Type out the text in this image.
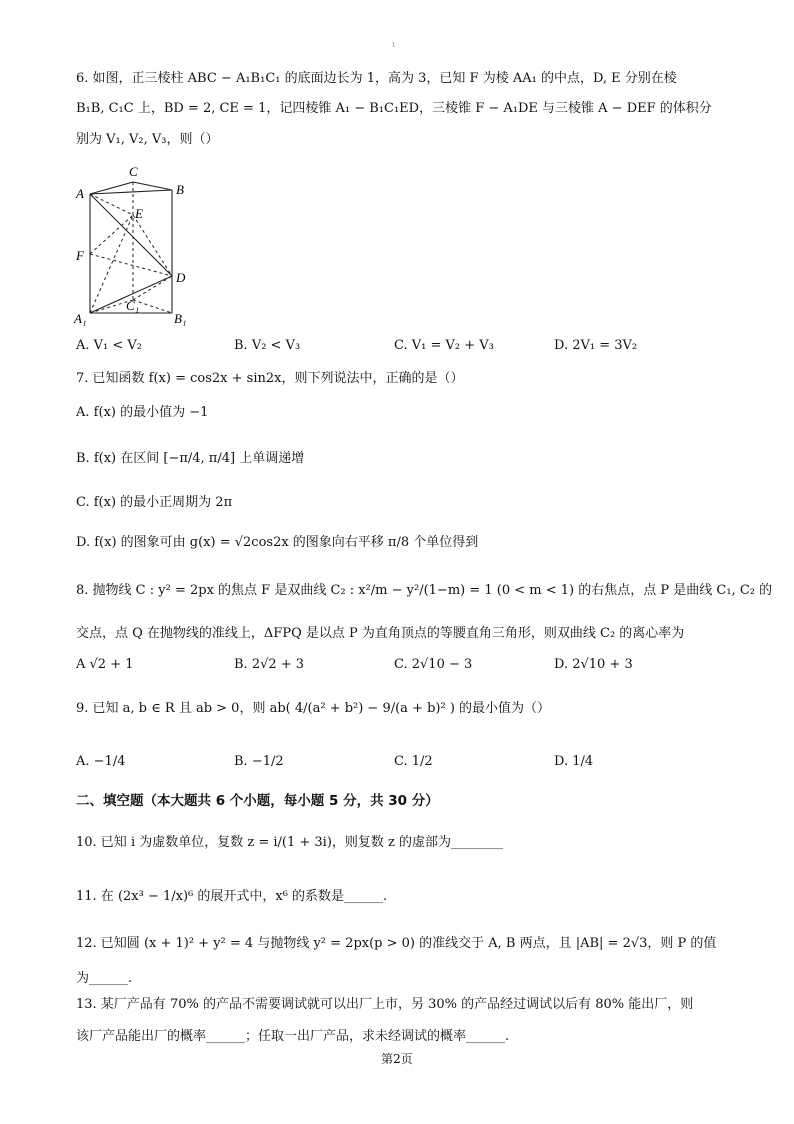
ι
6. 如图，正三棱柱 ABC − A₁B₁C₁ 的底面边长为 1，高为 3，已知 F 为棱 AA₁ 的中点，D, E 分别在棱
B₁B, C₁C 上，BD = 2, CE = 1，记四棱锥 A₁ − B₁C₁ED，三棱锥 F − A₁DE 与三棱锥 A − DEF 的体积分
别为 V₁, V₂, V₃，则（）
C
B
A
E
F
D
C₁
A₁	B₁
A. V₁ < V₂	B. V₂ < V₃	C. V₁ = V₂ + V₃	D. 2V₁ = 3V₂
7. 已知函数 f(x) = cos2x + sin2x，则下列说法中，正确的是（）
A. f(x) 的最小值为 −1
B. f(x) 在区间 [−π/4, π/4] 上单调递增
C. f(x) 的最小正周期为 2π
D. f(x) 的图象可由 g(x) = √2cos2x 的图象向右平移 π/8 个单位得到
8. 抛物线 C : y² = 2px 的焦点 F 是双曲线 C₂ : x²/m − y²/(1−m) = 1 (0 < m < 1) 的右焦点，点 P 是曲线 C₁, C₂ 的
交点，点 Q 在抛物线的准线上，ΔFPQ 是以点 P 为直角顶点的等腰直角三角形，则双曲线 C₂ 的离心率为
A √2 + 1	B. 2√2 + 3	C. 2√10 − 3	D. 2√10 + 3
9. 已知 a, b ∈ R 且 ab > 0，则 ab( 4/(a² + b²) − 9/(a + b)² ) 的最小值为（）
A. −1/4	B. −1/2	C. 1/2	D. 1/4
二、填空题（本大题共 6 个小题，每小题 5 分，共 30 分）
10. 已知 i 为虚数单位，复数 z = i/(1 + 3i)，则复数 z 的虚部为________
11. 在 (2x³ − 1/x)⁶ 的展开式中，x⁶ 的系数是______.
12. 已知圆 (x + 1)² + y² = 4 与抛物线 y² = 2px(p > 0) 的准线交于 A, B 两点，且 |AB| = 2√3，则 P 的值
为______.
13. 某厂产品有 70% 的产品不需要调试就可以出厂上市，另 30% 的产品经过调试以后有 80% 能出厂，则
该厂产品能出厂的概率______；任取一出厂产品，求未经调试的概率______.
第2页
